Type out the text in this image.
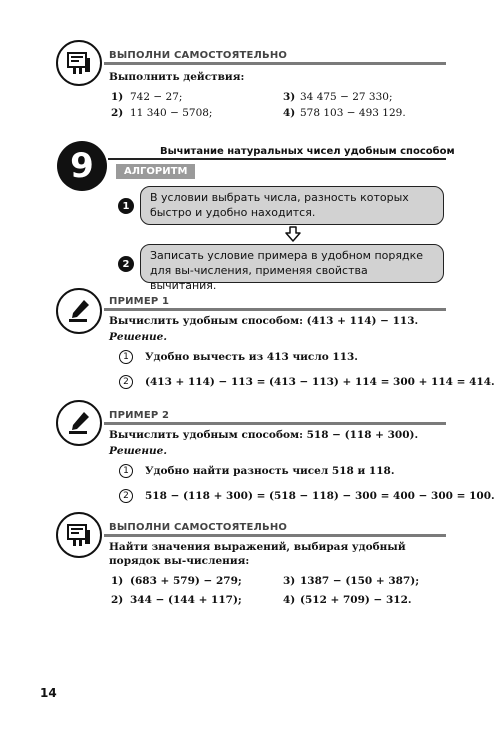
ВЫПОЛНИ САМОСТОЯТЕЛЬНО
Выполнить действия:
1) 742 − 27;	3) 34 475 − 27 330;
2) 11 340 − 5708;	4) 578 103 − 493 129.
9	Вычитание натуральных чисел удобным способом
АЛГОРИТМ
1
В условии выбрать числа, разность которых быстро и удобно находится.
2
Записать условие примера в удобном порядке для вы-числения, применяя свойства вычитания.
ПРИМЕР 1
Вычислить удобным способом: (413 + 114) − 113.
Решение.
1	Удобно вычесть из 413 число 113.
2	(413 + 114) − 113 = (413 − 113) + 114 = 300 + 114 = 414.
ПРИМЕР 2
Вычислить удобным способом: 518 − (118 + 300).
Решение.
1	Удобно найти разность чисел 518 и 118.
2	518 − (118 + 300) = (518 − 118) − 300 = 400 − 300 = 100.
ВЫПОЛНИ САМОСТОЯТЕЛЬНО
Найти значения выражений, выбирая удобный порядок вы-числения:
1) (683 + 579) − 279;	3) 1387 − (150 + 387);
2) 344 − (144 + 117);	4) (512 + 709) − 312.
14
